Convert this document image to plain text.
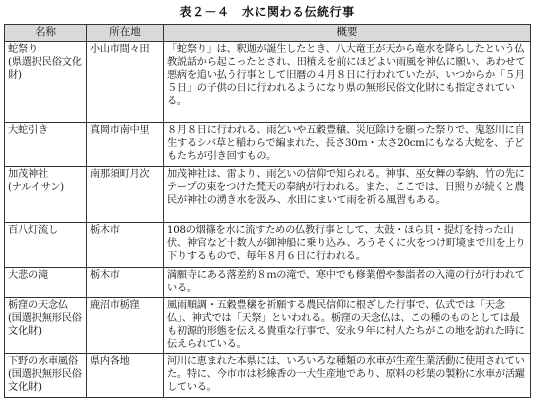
表２－４　水に関わる伝統行事
名称	所在地	概要

蛇祭り
(県選択民俗文化財)	小山市間々田	「蛇祭り」は、釈迦が誕生したとき、八大竜王が天から竜水を降らしたという仏教説話から起こったとされ、田植えを前にほどよい雨風を神仏に願い、あわせて悪病を追い払う行事として旧暦の４月８日に行われていたが、いつからか「５月５日」の子供の日に行われるようになり県の無形民俗文化財にも指定されている。

大蛇引き	真岡市南中里	８月８日に行われる、雨乞いや五穀豊穣、災厄除けを願った祭りで、鬼怒川に自生するシバ草と稲わらで編まれた、長さ30ｍ・太さ20cmにもなる大蛇を、子どもたちが引き回すもの。

加茂神社
(ナルイサン)	南那須町月次	加茂神社は、雷より、雨乞いの信仰で知られる。神事、巫女舞の奉納、竹の先にテープの束をつけた梵天の奉納が行われる。また、ここでは、日照りが続くと農民が神社の湧き水を汲み、水田にまいて雨を祈る風習もある。

百八灯流し	栃木市	108の烟篠を水に流すための仏教行事として、太鼓・ほら貝・提灯を持った山伏、神官など十数人が御神船に乗り込み、ろうそくに火をつけ町境まで川を上り下りするもので、毎年８月６日に行われる。

大悲の滝	栃木市	満願寺にある落差約８ｍの滝で、寒中でも修業僧や参詣者の入滝の行が行われている。

栃窪の天念仏
(国選択無形民俗文化財)	鹿沼市栃窪	風雨順調・五穀豊穣を祈願する農民信仰に根ざした行事で、仏式では「天念仏」、神式では「天祭」といわれる。栃窪の天念仏は、この種のものとしては最も初源的形態を伝える貴重な行事で、安永９年に村人たちがこの地を訪れた時に伝えられている。

下野の水車風俗
(国選択無形民俗文化財)	県内各地	河川に恵まれた本県には、いろいろな種類の水車が生産生業活動に使用されていた。特に、今市市は杉線香の一大生産地であり、原料の杉葉の製粉に水車が活躍している。
